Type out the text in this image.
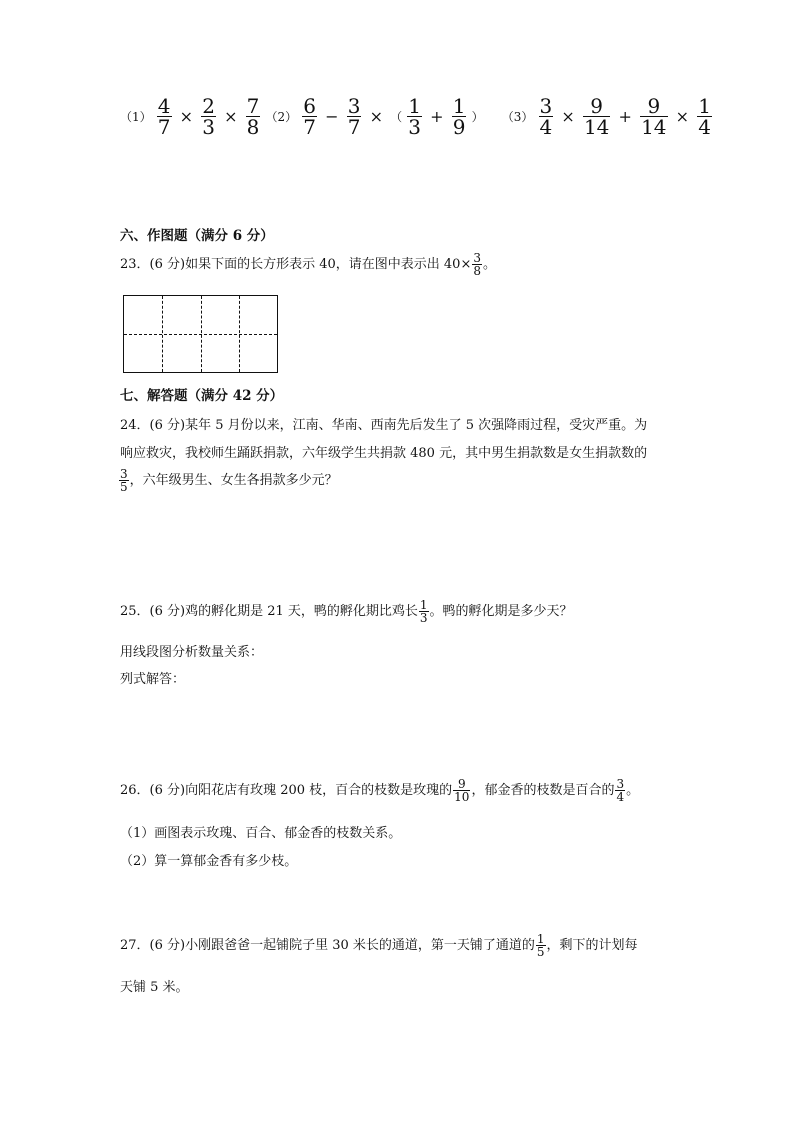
$(1) \frac{4}{7} \times \frac{2}{3} \times \frac{7}{8} (2) \frac{6}{7} - \frac{3}{7}$ × （ $\frac{1}{3} + \frac{1}{9}$ ） $(3) \frac{3}{4} \times \frac{9}{14} + \frac{9}{14} \times \frac{1}{4}$
六、作图题（满分 6 分）
23．(6 分)如果下面的长方形表示 40，请在图中表示出 $40\times \frac{3}{8}$ 。
七、解答题（满分 42 分）
24．(6 分)某年 5 月份以来，江南、华南、西南先后发生了 5 次强降雨过程，受灾严重。为
响应救灾，我校师生踊跃捐款，六年级学生共捐款 480 元，其中男生捐款数是女生捐款数的
$\frac{3}{5}$ ，六年级男生、女生各捐款多少元？
25．(6 分)鸡的孵化期是 21 天，鸭的孵化期比鸡长 $\frac{1}{3}$ 。鸭的孵化期是多少天？
用线段图分析数量关系：
列式解答：
26．(6 分)向阳花店有玫瑰 200 枝，百合的枝数是玫瑰的 $\frac{9}{10}$ ，郁金香的枝数是百合的 $\frac{3}{4}$ 。
（1）画图表示玫瑰、百合、郁金香的枝数关系。
（2）算一算郁金香有多少枝。
27．(6 分)小刚跟爸爸一起铺院子里 30 米长的通道，第一天铺了通道的 $\frac{1}{5}$ ，剩下的计划每
天铺 5 米。
